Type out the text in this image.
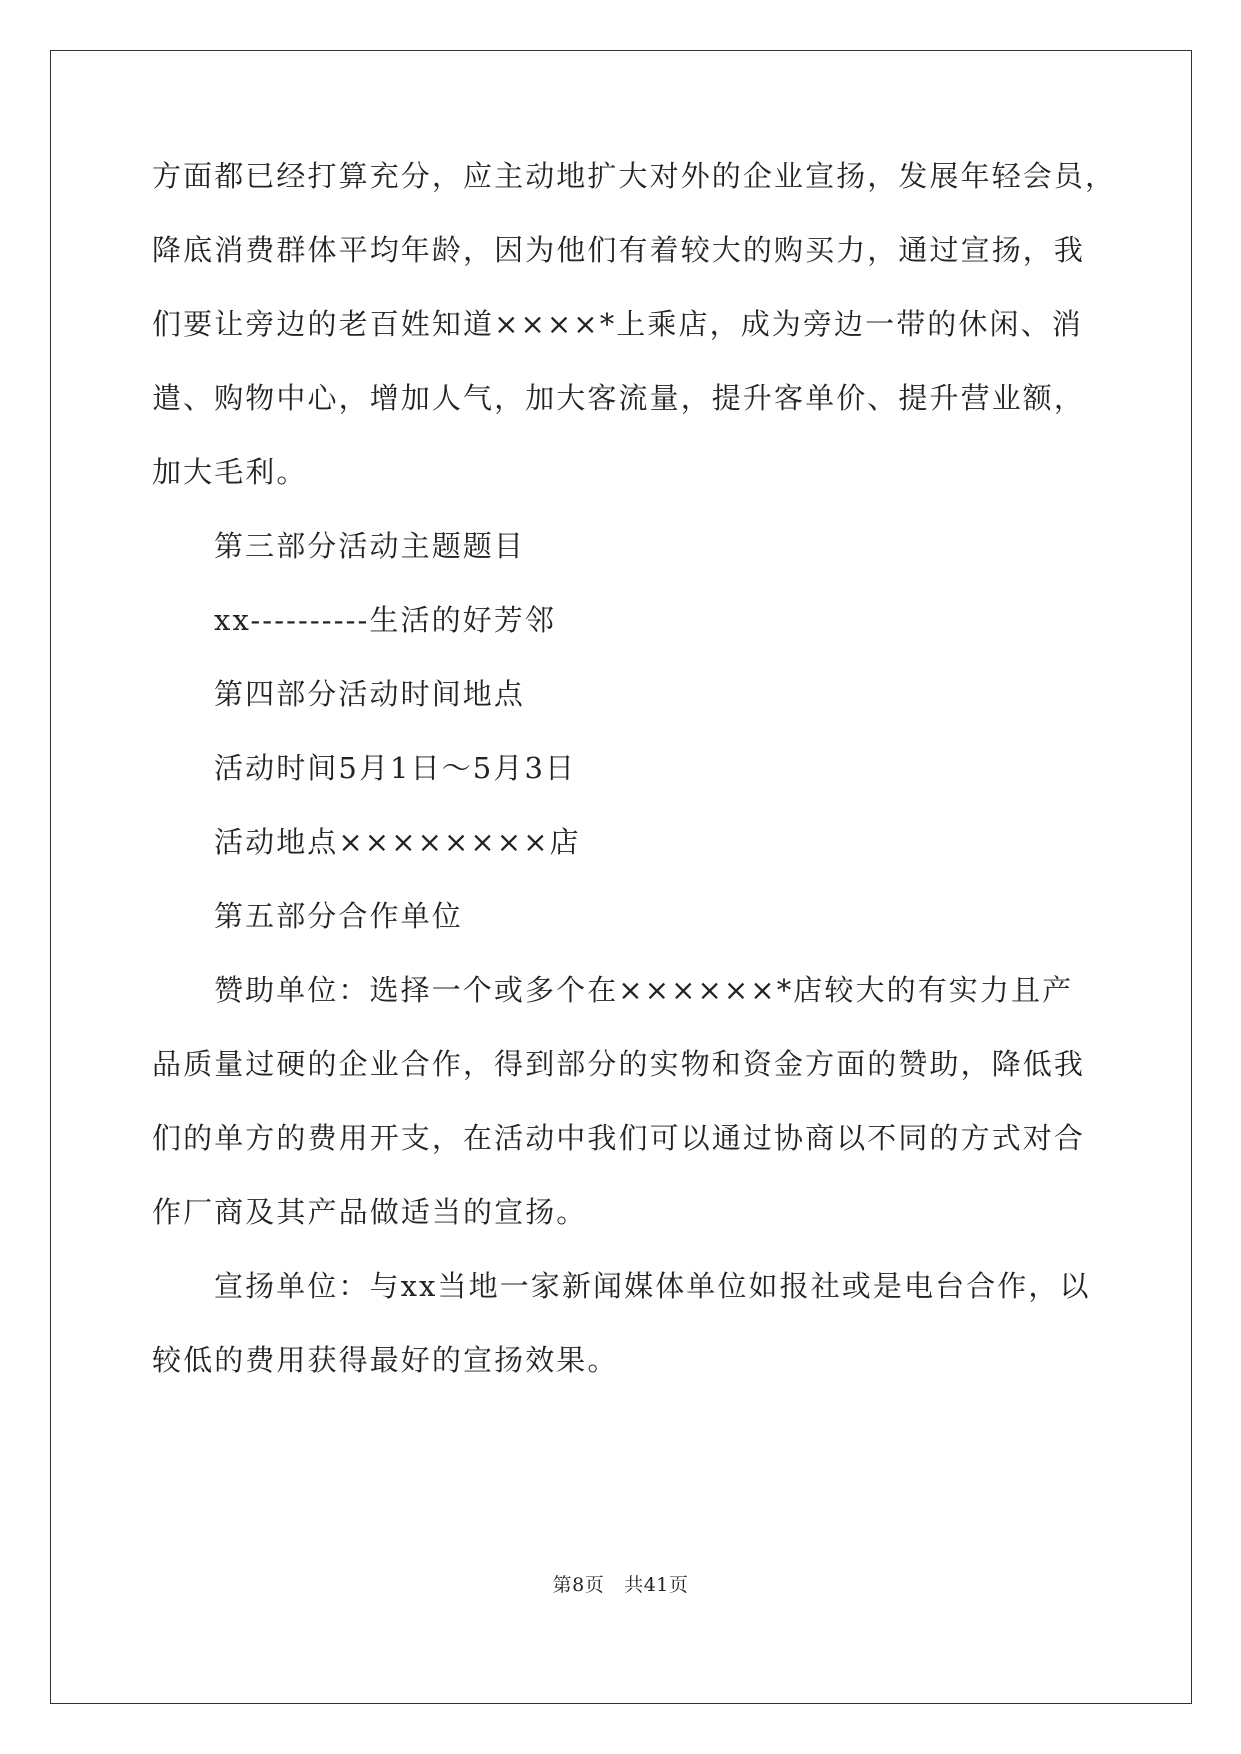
方面都已经打算充分，应主动地扩大对外的企业宣扬，发展年轻会员，
降底消费群体平均年龄，因为他们有着较大的购买力，通过宣扬，我
们要让旁边的老百姓知道××××*上乘店，成为旁边一带的休闲、消
遣、购物中心，增加人气，加大客流量，提升客单价、提升营业额，
加大毛利。
第三部分活动主题题目
xx----------生活的好芳邻
第四部分活动时间地点
活动时间5月1日～5月3日
活动地点××××××××店
第五部分合作单位
赞助单位：选择一个或多个在××××××*店较大的有实力且产
品质量过硬的企业合作，得到部分的实物和资金方面的赞助，降低我
们的单方的费用开支，在活动中我们可以通过协商以不同的方式对合
作厂商及其产品做适当的宣扬。
宣扬单位：与xx当地一家新闻媒体单位如报社或是电台合作，以
较低的费用获得最好的宣扬效果。
第8页 共41页
